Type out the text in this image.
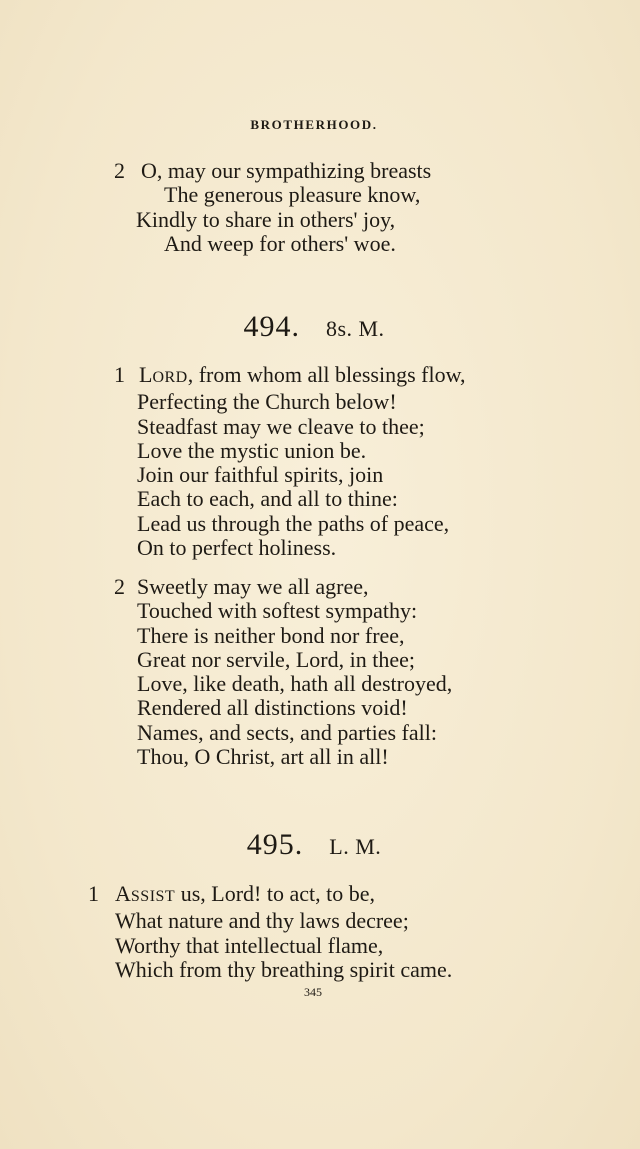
BROTHERHOOD.
2 O, may our sympathizing breasts
The generous pleasure know,
Kindly to share in others' joy,
And weep for others' woe.
494. 8s. M.
1 LORD, from whom all blessings flow,
Perfecting the Church below!
Steadfast may we cleave to thee;
Love the mystic union be.
Join our faithful spirits, join
Each to each, and all to thine:
Lead us through the paths of peace,
On to perfect holiness.
2 Sweetly may we all agree,
Touched with softest sympathy:
There is neither bond nor free,
Great nor servile, Lord, in thee;
Love, like death, hath all destroyed,
Rendered all distinctions void!
Names, and sects, and parties fall:
Thou, O Christ, art all in all!
495. L. M.
1 ASSIST us, Lord! to act, to be,
What nature and thy laws decree;
Worthy that intellectual flame,
Which from thy breathing spirit came.
345
